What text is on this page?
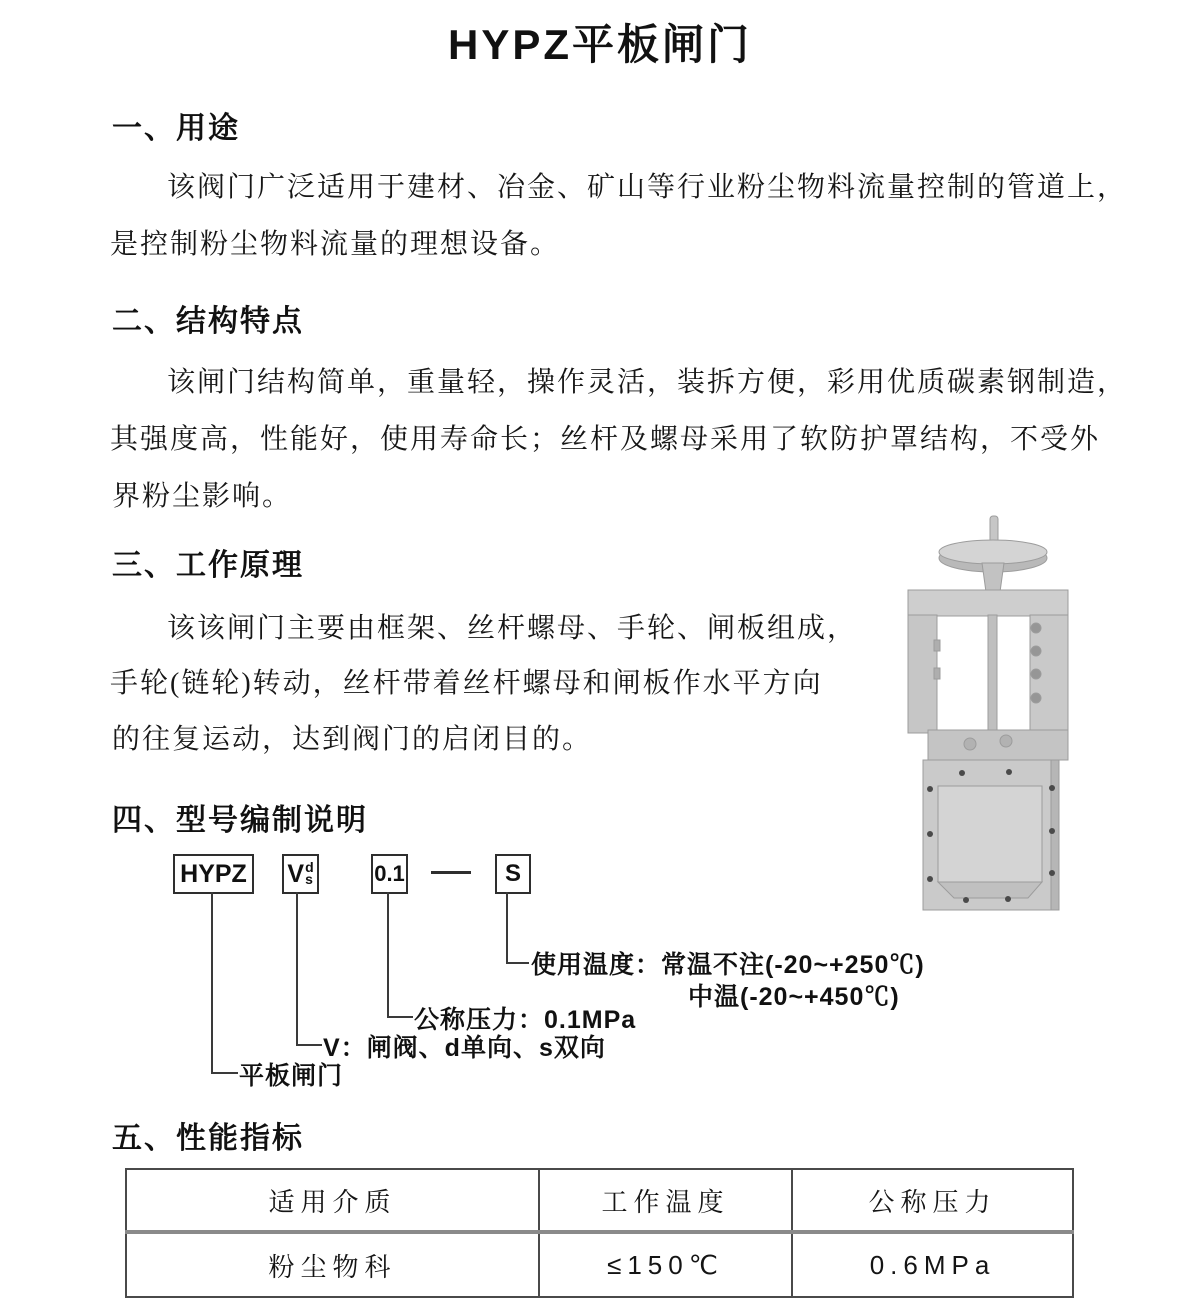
HYPZ平板闸门
一、用途
该阀门广泛适用于建材、冶金、矿山等行业粉尘物料流量控制的管道上，
是控制粉尘物料流量的理想设备。
二、结构特点
该闸门结构简单，重量轻，操作灵活，装拆方便，彩用优质碳素钢制造，
其强度高，性能好，使用寿命长；丝杆及螺母采用了软防护罩结构，不受外
界粉尘影响。
三、工作原理
该该闸门主要由框架、丝杆螺母、手轮、闸板组成，
手轮(链轮)转动，丝杆带着丝杆螺母和闸板作水平方向
的往复运动，达到阀门的启闭目的。
四、型号编制说明
HYPZ V d
s	0.1	S
使用温度：常温不注(-20~+250℃)
中温(-20~+450℃)
公称压力：0.1MPa
V：闸阀、d单向、s双向
平板闸门
五、性能指标
适用介质	工作温度	公称压力
粉尘物科	≤150℃	0.6MPa
